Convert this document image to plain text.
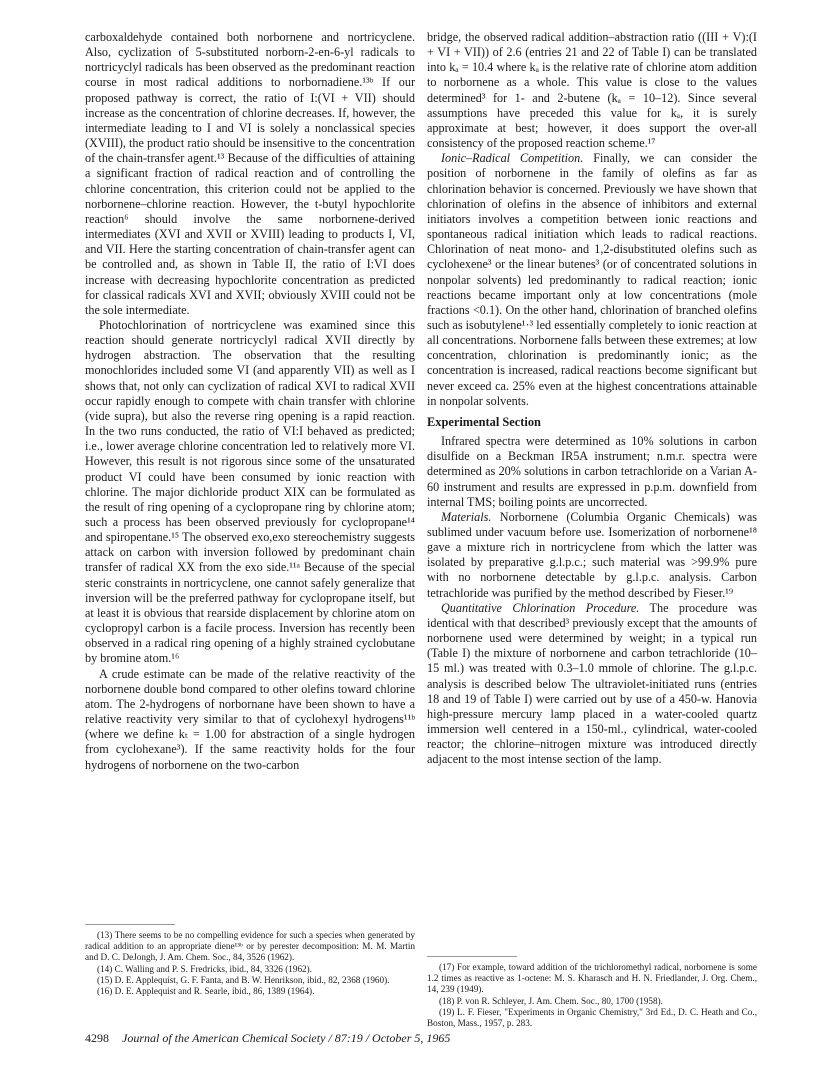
carboxaldehyde contained both norbornene and nortricyclene. Also, cyclization of 5-substituted norborn-2-en-6-yl radicals to nortricyclyl radicals has been observed as the predominant reaction course in most radical additions to norbornadiene.¹³ᵇ If our proposed pathway is correct, the ratio of I:(VI + VII) should increase as the concentration of chlorine decreases. If, however, the intermediate leading to I and VI is solely a nonclassical species (XVIII), the product ratio should be insensitive to the concentration of the chain-transfer agent.¹³ Because of the difficulties of attaining a significant fraction of radical reaction and of controlling the chlorine concentration, this criterion could not be applied to the norbornene–chlorine reaction. However, the t-butyl hypochlorite reaction⁶ should involve the same norbornene-derived intermediates (XVI and XVII or XVIII) leading to products I, VI, and VII. Here the starting concentration of chain-transfer agent can be controlled and, as shown in Table II, the ratio of I:VI does increase with decreasing hypochlorite concentration as predicted for classical radicals XVI and XVII; obviously XVIII could not be the sole intermediate.

Photochlorination of nortricyclene was examined since this reaction should generate nortricyclyl radical XVII directly by hydrogen abstraction. The observation that the resulting monochlorides included some VI (and apparently VII) as well as I shows that, not only can cyclization of radical XVI to radical XVII occur rapidly enough to compete with chain transfer with chlorine (vide supra), but also the reverse ring opening is a rapid reaction. In the two runs conducted, the ratio of VI:I behaved as predicted; i.e., lower average chlorine concentration led to relatively more VI. However, this result is not rigorous since some of the unsaturated product VI could have been consumed by ionic reaction with chlorine. The major dichloride product XIX can be formulated as the result of ring opening of a cyclopropane ring by chlorine atom; such a process has been observed previously for cyclopropane¹⁴ and spiropentane.¹⁵ The observed exo,exo stereochemistry suggests attack on carbon with inversion followed by predominant chain transfer of radical XX from the exo side.¹¹ᵃ Because of the special steric constraints in nortricyclene, one cannot safely generalize that inversion will be the preferred pathway for cyclopropane itself, but at least it is obvious that rearside displacement by chlorine atom on cyclopropyl carbon is a facile process. Inversion has recently been observed in a radical ring opening of a highly strained cyclobutane by bromine atom.¹⁶

A crude estimate can be made of the relative reactivity of the norbornene double bond compared to other olefins toward chlorine atom. The 2-hydrogens of norbornane have been shown to have a relative reactivity very similar to that of cyclohexyl hydrogens¹¹ᵇ (where we define kₜ = 1.00 for abstraction of a single hydrogen from cyclohexane³). If the same reactivity holds for the four hydrogens of norbornene on the two-carbon

bridge, the observed radical addition–abstraction ratio ((III + V):(I + VI + VII)) of 2.6 (entries 21 and 22 of Table I) can be translated into kₐ = 10.4 where kₐ is the relative rate of chlorine atom addition to norbornene as a whole. This value is close to the values determined³ for 1- and 2-butene (kₐ = 10–12). Since several assumptions have preceded this value for kₐ, it is surely approximate at best; however, it does support the over-all consistency of the proposed reaction scheme.¹⁷

Ionic–Radical Competition. Finally, we can consider the position of norbornene in the family of olefins as far as chlorination behavior is concerned. Previously we have shown that chlorination of olefins in the absence of inhibitors and external initiators involves a competition between ionic reactions and spontaneous radical initiation which leads to radical reactions. Chlorination of neat mono- and 1,2-disubstituted olefins such as cyclohexene³ or the linear butenes³ (or of concentrated solutions in nonpolar solvents) led predominantly to radical reaction; ionic reactions became important only at low concentrations (mole fractions <0.1). On the other hand, chlorination of branched olefins such as isobutylene¹·³ led essentially completely to ionic reaction at all concentrations. Norbornene falls between these extremes; at low concentration, chlorination is predominantly ionic; as the concentration is increased, radical reactions become significant but never exceed ca. 25% even at the highest concentrations attainable in nonpolar solvents.

Experimental Section

Infrared spectra were determined as 10% solutions in carbon disulfide on a Beckman IR5A instrument; n.m.r. spectra were determined as 20% solutions in carbon tetrachloride on a Varian A-60 instrument and results are expressed in p.p.m. downfield from internal TMS; boiling points are uncorrected.

Materials. Norbornene (Columbia Organic Chemicals) was sublimed under vacuum before use. Isomerization of norbornene¹⁸ gave a mixture rich in nortricyclene from which the latter was isolated by preparative g.l.p.c.; such material was >99.9% pure with no norbornene detectable by g.l.p.c. analysis. Carbon tetrachloride was purified by the method described by Fieser.¹⁹

Quantitative Chlorination Procedure. The procedure was identical with that described³ previously except that the amounts of norbornene used were determined by weight; in a typical run (Table I) the mixture of norbornene and carbon tetrachloride (10–15 ml.) was treated with 0.3–1.0 mmole of chlorine. The g.l.p.c. analysis is described below The ultraviolet-initiated runs (entries 18 and 19 of Table I) were carried out by use of a 450-w. Hanovia high-pressure mercury lamp placed in a water-cooled quartz immersion well centered in a 150-ml., cylindrical, water-cooled reactor; the chlorine–nitrogen mixture was introduced directly adjacent to the most intense section of the lamp.

(13) There seems to be no compelling evidence for such a species when generated by radical addition to an appropriate diene¹³ᵇ or by perester decomposition: M. M. Martin and D. C. DeJongh, J. Am. Chem. Soc., 84, 3526 (1962).

(14) C. Walling and P. S. Fredricks, ibid., 84, 3326 (1962).

(15) D. E. Applequist, G. F. Fanta, and B. W. Henrikson, ibid., 82, 2368 (1960).

(16) D. E. Applequist and R. Searle, ibid., 86, 1389 (1964).

(17) For example, toward addition of the trichloromethyl radical, norbornene is some 1.2 times as reactive as 1-octene: M. S. Kharasch and H. N. Friedlander, J. Org. Chem., 14, 239 (1949).

(18) P. von R. Schleyer, J. Am. Chem. Soc., 80, 1700 (1958).

(19) L. F. Fieser, "Experiments in Organic Chemistry," 3rd Ed., D. C. Heath and Co., Boston, Mass., 1957, p. 283.

4298 Journal of the American Chemical Society / 87:19 / October 5, 1965
